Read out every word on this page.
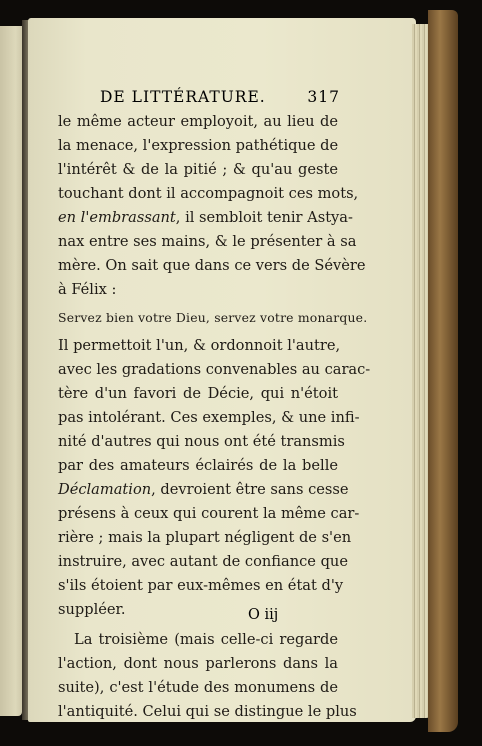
DE LITTÉRATURE.	317
le même acteur employoit, au lieu de
la menace, l'expression pathétique de
l'intérêt & de la pitié ; & qu'au geste
touchant dont il accompagnoit ces mots,
en l'embrassant, il sembloit tenir Astya-
nax entre ses mains, & le présenter à sa
mère. On sait que dans ce vers de Sévère
à Félix :
Servez bien votre Dieu, servez votre monarque.
Il permettoit l'un, & ordonnoit l'autre,
avec les gradations convenables au carac-
tère d'un favori de Décie, qui n'étoit
pas intolérant. Ces exemples, & une infi-
nité d'autres qui nous ont été transmis
par des amateurs éclairés de la belle
Déclamation, devroient être sans cesse
présens à ceux qui courent la même car-
rière ; mais la plupart négligent de s'en
instruire, avec autant de confiance que
s'ils étoient par eux-mêmes en état d'y
suppléer.
La troisième (mais celle-ci regarde
l'action, dont nous parlerons dans la
suite), c'est l'étude des monumens de
l'antiquité. Celui qui se distingue le plus
O iij
